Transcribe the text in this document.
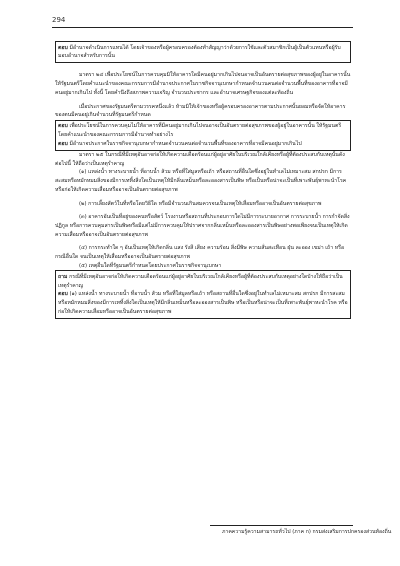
294

ตอบ มีอำนาจดำเนินการแทนได้ โดยเจ้าของหรือผู้ครอบครองต้องทำสัญญาว่าด้วยการใช้และตัวสมาชิกเป็นผู้เป็นตัวแทนหรือผู้รับมอบอำนาจสำหรับการนั้น

มาตรา ๒๔ เพื่อประโยชน์ในการควบคุมมิให้อาคารใดมีคนอยู่มากเกินไปจนอาจเป็นอันตรายต่อสุขภาพของผู้อยู่ในอาคารนั้น ให้รัฐมนตรีโดยคำแนะนำของคณะกรรมการมีอำนาจประกาศในราชกิจจานุเบกษากำหนดจำนวนคนต่อจำนวนพื้นที่ของอาคารที่อาจมีคนอยู่มากเกินไป ทั้งนี้ โดยคำนึงถึงสภาพความเจริญ จำนวนประชากร และอำนาจเศรษฐกิจของแต่ละท้องถิ่น

เมื่อประกาศของรัฐมนตรีตามวรรคหนึ่งแล้ว ห้ามมิให้เจ้าของหรือผู้ครอบครองอาคารตามประกาศนั้นยอมหรือจัดให้อาคารของตนมีคนอยู่เกินจำนวนที่รัฐมนตรีกำหนด

ตอบ เพื่อประโยชน์ในการควบคุมไม่ให้อาคารที่มีคนอยู่มากเกินไปจนอาจเป็นอันตรายต่อสุขภาพของผู้อยู่ในอาคารนั้น ให้รัฐมนตรีโดยคำแนะนำของคณะกรรมการมีอำนาจทำอย่างไร

ตอบ มีอำนาจประกาศในราชกิจจานุเบกษากำหนดจำนวนคนต่อจำนวนพื้นที่ของอาคารที่อาจมีคนอยู่มากเกินไป

มาตรา ๒๕ ในกรณีที่มีเหตุอันอาจก่อให้เกิดความเดือดร้อนแก่ผู้อยู่อาศัยในบริเวณใกล้เคียงหรือผู้ที่ต้องประสบกับเหตุนั้นดังต่อไปนี้ ให้ถือว่าเป็นเหตุรำคาญ

(๑) แหล่งน้ำ ทางระบายน้ำ ที่อาบน้ำ ส้วม หรือที่ใส่มูลหรือเถ้า หรือสถานที่อื่นใดซึ่งอยู่ในทำเลไม่เหมาะสม สกปรก มีการสะสมหรือหมักหมมสิ่งของมีการเททิ้งสิ่งใดเป็นเหตุให้มีกลิ่นเหม็นหรือละอองสารเป็นพิษ หรือเป็นหรือน่าจะเป็นที่เพาะพันธุ์พาหะนำโรค หรือก่อให้เกิดความเสื่อมหรืออาจเป็นอันตรายต่อสุขภาพ

(๒) การเลี้ยงสัตว์ในที่หรือโดยวิธีใด หรือมีจำนวนเกินสมควรจนเป็นเหตุให้เสื่อมหรืออาจเป็นอันตรายต่อสุขภาพ

(๓) อาคารอันเป็นที่อยู่ของคนหรือสัตว์ โรงงานหรือสถานที่ประกอบการใดไม่มีการระบายอากาศ การระบายน้ำ การกำจัดสิ่งปฏิกูล หรือการควบคุมสารเป็นพิษหรือมีแต่ไม่มีการควบคุมให้ปราศจากกลิ่นเหม็นหรือละอองสารเป็นพิษอย่างพอเพียงจนเป็นเหตุให้เกิดความเสื่อมหรืออาจเป็นอันตรายต่อสุขภาพ

(๔) การกระทำใด ๆ อันเป็นเหตุให้เกิดกลิ่น แสง รังสี เสียง ความร้อน สิ่งมีพิษ ความสั่นสะเทือน ฝุ่น ละออง เขม่า เถ้า หรือกรณีอื่นใด จนเป็นเหตุให้เสื่อมหรืออาจเป็นอันตรายต่อสุขภาพ

(๕) เหตุอื่นใดที่รัฐมนตรีกำหนดโดยประกาศในราชกิจจานุเบกษา

ถาม กรณีที่มีเหตุอันอาจก่อให้เกิดความเดือดร้อนแก่ผู้อยู่อาศัยในบริเวณใกล้เคียงหรือผู้ที่ต้องประสบกับเหตุอย่างใดบ้างให้ถือว่าเป็นเหตุรำคาญ

ตอบ (๑) แหล่งน้ำ ทางระบายน้ำ ที่อาบน้ำ ส้วม หรือที่ใส่มูลหรือเถ้า หรือสถานที่อื่นใดซึ่งอยู่ในทำเลไม่เหมาะสม สกปรก มีการสะสมหรือหมักหมมสิ่งของมีการเททิ้งสิ่งใดเป็นเหตุให้มีกลิ่นเหม็นหรือละอองสารเป็นพิษ หรือเป็นหรือน่าจะเป็นที่เพาะพันธุ์พาหะนำโรค หรือก่อให้เกิดความเสื่อมหรืออาจเป็นอันตรายต่อสุขภาพ

ภาคความรู้ความสามารถทั่วไป (ภาค ก) กรมส่งเสริมการปกครองส่วนท้องถิ่น
